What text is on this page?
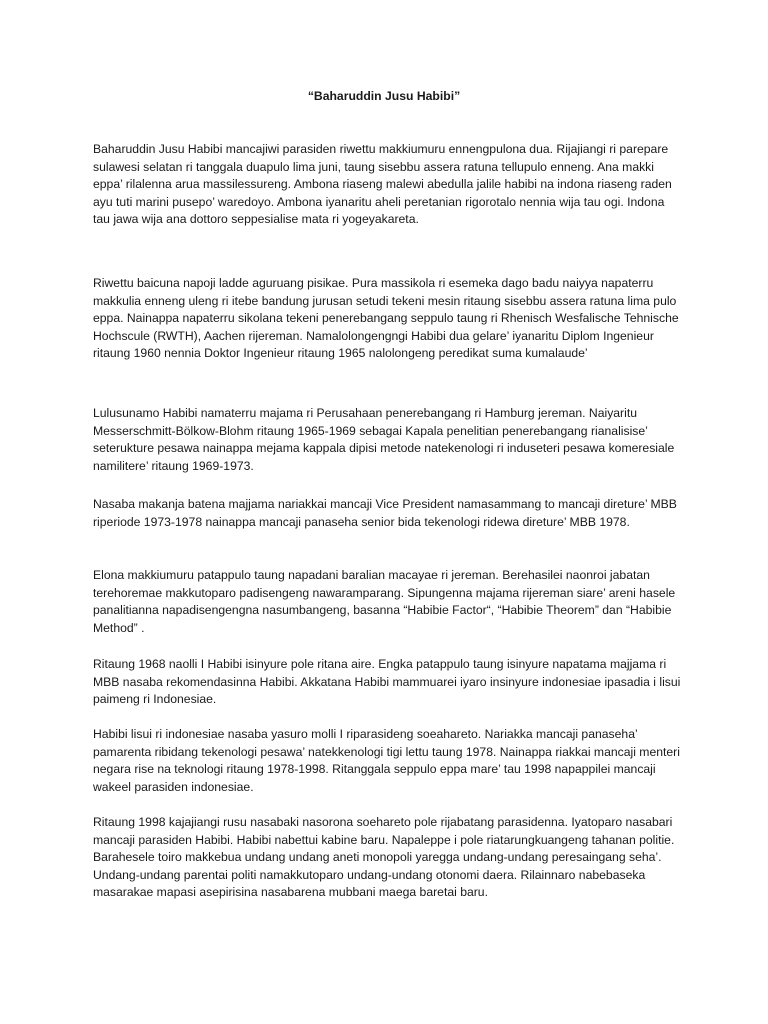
“Baharuddin Jusu Habibi”

Baharuddin Jusu Habibi mancajiwi parasiden riwettu makkiumuru ennengpulona dua. Rijajiangi ri parepare sulawesi selatan ri tanggala duapulo lima juni, taung sisebbu assera ratuna tellupulo enneng. Ana makki eppa’ rilalenna arua massilessureng. Ambona riaseng malewi abedulla jalile habibi na indona riaseng raden ayu tuti marini pusepo’ waredoyo. Ambona iyanaritu aheli peretanian rigorotalo nennia wija tau ogi. Indona tau jawa wija ana dottoro seppesialise mata ri yogeyakareta.

Riwettu baicuna napoji ladde aguruang pisikae. Pura massikola ri esemeka dago badu naiyya napaterru makkulia enneng uleng ri itebe bandung jurusan setudi tekeni mesin ritaung sisebbu assera ratuna lima pulo eppa. Nainappa napaterru sikolana tekeni penerebangang seppulo taung ri Rhenisch Wesfalische Tehnische Hochscule (RWTH), Aachen rijereman. Namalolongengngi Habibi dua gelare’ iyanaritu Diplom Ingenieur ritaung 1960 nennia Doktor Ingenieur ritaung 1965 nalolongeng peredikat suma kumalaude’

Lulusunamo Habibi namaterru majama ri Perusahaan penerebangang ri Hamburg jereman. Naiyaritu Messerschmitt-Bölkow-Blohm ritaung 1965-1969 sebagai Kapala penelitian penerebangang rianalisise’ seterukture pesawa nainappa mejama kappala dipisi metode natekenologi ri induseteri pesawa komeresiale namilitere’ ritaung 1969-1973.

Nasaba makanja batena majjama nariakkai mancaji Vice President namasammang to mancaji direture’ MBB riperiode 1973-1978 nainappa mancaji panaseha senior bida tekenologi ridewa direture’ MBB 1978.

Elona makkiumuru patappulo taung napadani baralian macayae ri jereman. Berehasilei naonroi jabatan terehoremae makkutoparo padisengeng nawaramparang. Sipungenna majama rijereman siare’ areni hasele panalitianna napadisengengna nasumbangeng, basanna “Habibie Factor“, “Habibie Theorem” dan “Habibie Method” .

Ritaung 1968 naolli I Habibi isinyure pole ritana aire. Engka patappulo taung isinyure napatama majjama ri MBB nasaba rekomendasinna Habibi. Akkatana Habibi mammuarei iyaro insinyure indonesiae ipasadia i lisui paimeng ri Indonesiae.

Habibi lisui ri indonesiae nasaba yasuro molli I riparasideng soeahareto. Nariakka mancaji panaseha’ pamarenta ribidang tekenologi pesawa’ natekkenologi tigi lettu taung 1978. Nainappa riakkai mancaji menteri negara rise na teknologi ritaung 1978-1998. Ritanggala seppulo eppa mare’ tau 1998 napappilei mancaji wakeel parasiden indonesiae.

Ritaung 1998 kajajiangi rusu nasabaki nasorona soehareto pole rijabatang parasidenna. Iyatoparo nasabari mancaji parasiden Habibi. Habibi nabettui kabine baru. Napaleppe i pole riatarungkuangeng tahanan politie. Barahesele toiro makkebua undang undang aneti monopoli yaregga undang-undang peresaingang seha’. Undang-undang parentai politi namakkutoparo undang-undang otonomi daera. Rilainnaro nabebaseka masarakae mapasi asepirisina nasabarena mubbani maega baretai baru.
